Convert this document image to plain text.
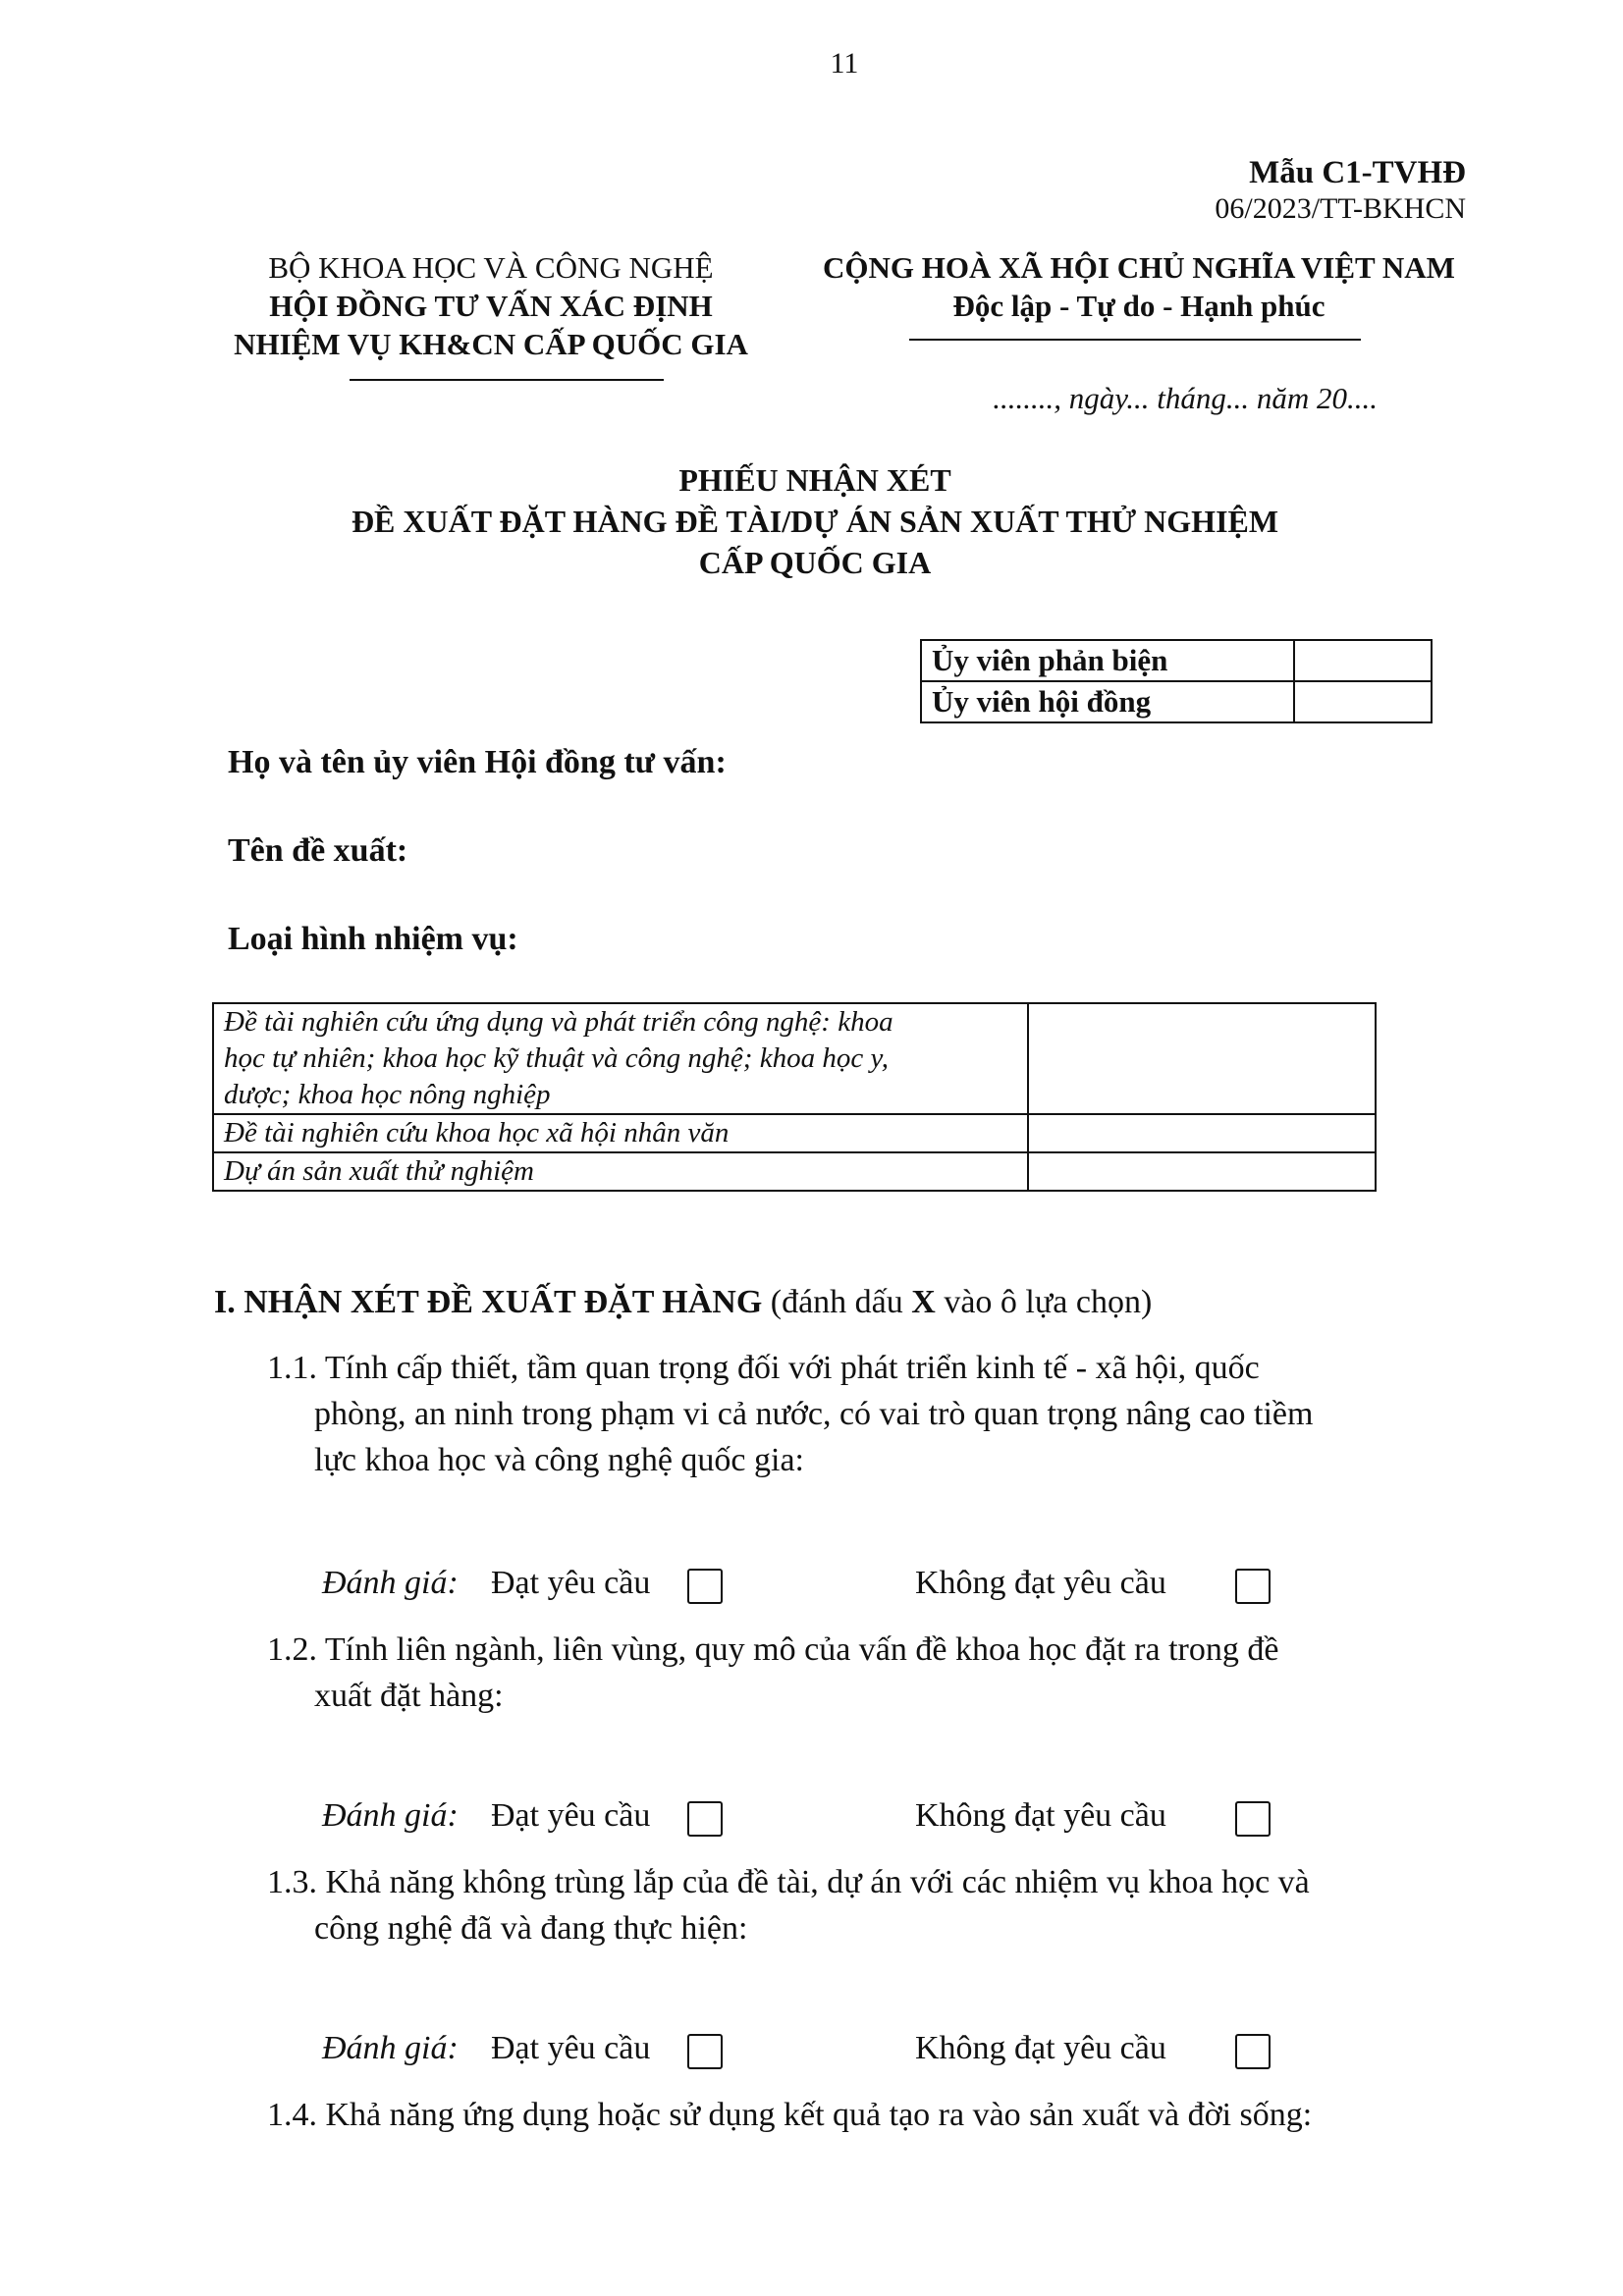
11
Mẫu C1-TVHĐ
06/2023/TT-BKHCN
BỘ KHOA HỌC VÀ CÔNG NGHỆ
HỘI ĐỒNG TƯ VẤN XÁC ĐỊNH
NHIỆM VỤ KH&CN CẤP QUỐC GIA
CỘNG HOÀ XÃ HỘI CHỦ NGHĨA VIỆT NAM
Độc lập - Tự do - Hạnh phúc
........, ngày... tháng... năm 20....
PHIẾU NHẬN XÉT
ĐỀ XUẤT ĐẶT HÀNG ĐỀ TÀI/DỰ ÁN SẢN XUẤT THỬ NGHIỆM
CẤP QUỐC GIA
Ủy viên phản biện	
Ủy viên hội đồng	
Họ và tên ủy viên Hội đồng tư vấn:
Tên đề xuất:
Loại hình nhiệm vụ:
Đề tài nghiên cứu ứng dụng và phát triển công nghệ: khoa
học tự nhiên; khoa học kỹ thuật và công nghệ; khoa học y,
dược; khoa học nông nghiệp	

Đề tài nghiên cứu khoa học xã hội nhân văn	

Dự án sản xuất thử nghiệm	

I. NHẬN XÉT ĐỀ XUẤT ĐẶT HÀNG (đánh dấu X vào ô lựa chọn)
1.1. Tính cấp thiết, tầm quan trọng đối với phát triển kinh tế - xã hội, quốc
phòng, an ninh trong phạm vi cả nước, có vai trò quan trọng nâng cao tiềm
lực khoa học và công nghệ quốc gia:
Đánh giá: Đạt yêu cầu	Không đạt yêu cầu
1.2. Tính liên ngành, liên vùng, quy mô của vấn đề khoa học đặt ra trong đề
xuất đặt hàng:
Đánh giá: Đạt yêu cầu	Không đạt yêu cầu
1.3. Khả năng không trùng lắp của đề tài, dự án với các nhiệm vụ khoa học và
công nghệ đã và đang thực hiện:
Đánh giá: Đạt yêu cầu	Không đạt yêu cầu
1.4. Khả năng ứng dụng hoặc sử dụng kết quả tạo ra vào sản xuất và đời sống:
